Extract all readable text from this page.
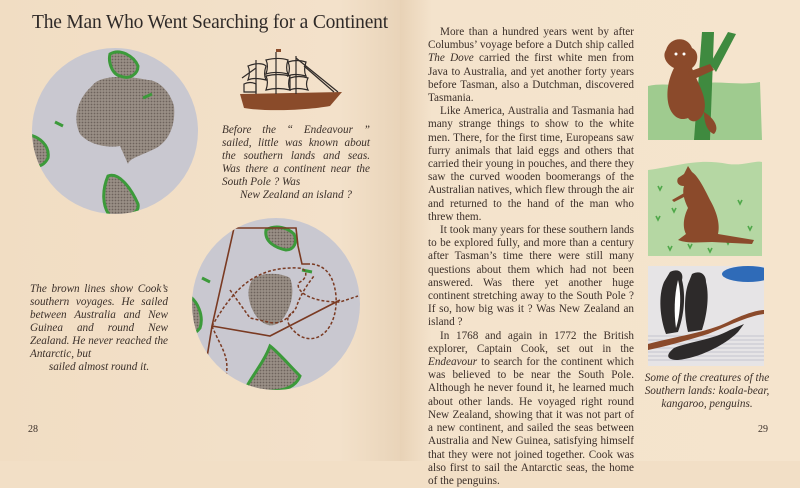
The Man Who Went Searching for a Continent
Before the “ Endeavour ” sailed, little was known about the southern lands and seas. Was there a continent near the South Pole ? Was
New Zealand an island ?
The brown lines show Cook’s southern voyages. He sailed between Australia and New Guinea and round New Zealand. He never reached the Antarctic, but
sailed almost round it.
28

More than a hundred years went by after Columbus’ voyage before a Dutch ship called The Dove carried the first white men from Java to Australia, and yet another forty years before Tasman, also a Dutchman, discovered Tasmania.

Like America, Australia and Tasmania had many strange things to show to the white men. There, for the first time, Europeans saw furry animals that laid eggs and others that carried their young in pouches, and there they saw the curved wooden boomerangs of the Australian natives, which flew through the air and returned to the hand of the man who threw them.

It took many years for these southern lands to be explored fully, and more than a century after Tasman’s time there were still many questions about them which had not been answered. Was there yet another huge continent stretching away to the South Pole ? If so, how big was it ? Was New Zealand an island ?

In 1768 and again in 1772 the British explorer, Captain Cook, set out in the Endeavour to search for the continent which was believed to be near the South Pole. Although he never found it, he learned much about other lands. He voyaged right round New Zealand, showing that it was not part of a new continent, and sailed the seas between Australia and New Guinea, satisfying himself that they were not joined together. Cook was also first to sail the Antarctic seas, the home of the penguins.

Some of the creatures of the Southern lands: koala-bear, kangaroo, penguins.
29
